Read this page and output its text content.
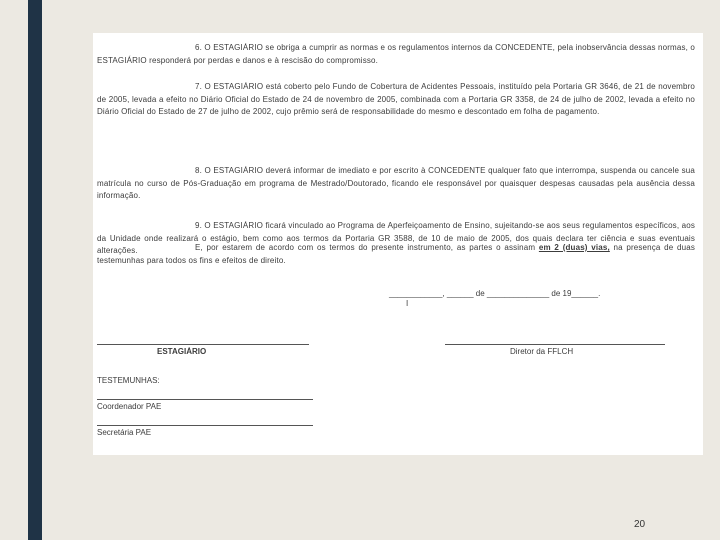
6. O ESTAGIÁRIO se obriga a cumprir as normas e os regulamentos internos da CONCEDENTE, pela inobservância dessas normas, o ESTAGIÁRIO responderá por perdas e danos e à rescisão do compromisso.
7. O ESTAGIÁRIO está coberto pelo Fundo de Cobertura de Acidentes Pessoais, instituído pela Portaria GR 3646, de 21 de novembro de 2005, levada a efeito no Diário Oficial do Estado de 24 de novembro de 2005, combinada com a Portaria GR 3358, de 24 de julho de 2002, levada a efeito no Diário Oficial do Estado de 27 de julho de 2002, cujo prêmio será de responsabilidade do mesmo e descontado em folha de pagamento.
8. O ESTAGIÁRIO deverá informar de imediato e por escrito à CONCEDENTE qualquer fato que interrompa, suspenda ou cancele sua matrícula no curso de Pós-Graduação em programa de Mestrado/Doutorado, ficando ele responsável por quaisquer despesas causadas pela ausência dessa informação.
9. O ESTAGIÁRIO ficará vinculado ao Programa de Aperfeiçoamento de Ensino, sujeitando-se aos seus regulamentos específicos, aos da Unidade onde realizará o estágio, bem como aos termos da Portaria GR 3588, de 10 de maio de 2005, dos quais declara ter ciência e suas eventuais alterações.	E, por estarem de acordo com os termos do presente instrumento, as partes o assinam em 2 (duas) vias, na presença de duas testemunhas para todos os fins e efeitos de direito.
____________, ______ de ______________ de 19______.
I
ESTAGIÁRIO	Diretor da FFLCH
TESTEMUNHAS:
Coordenador PAE
Secretária PAE
20
